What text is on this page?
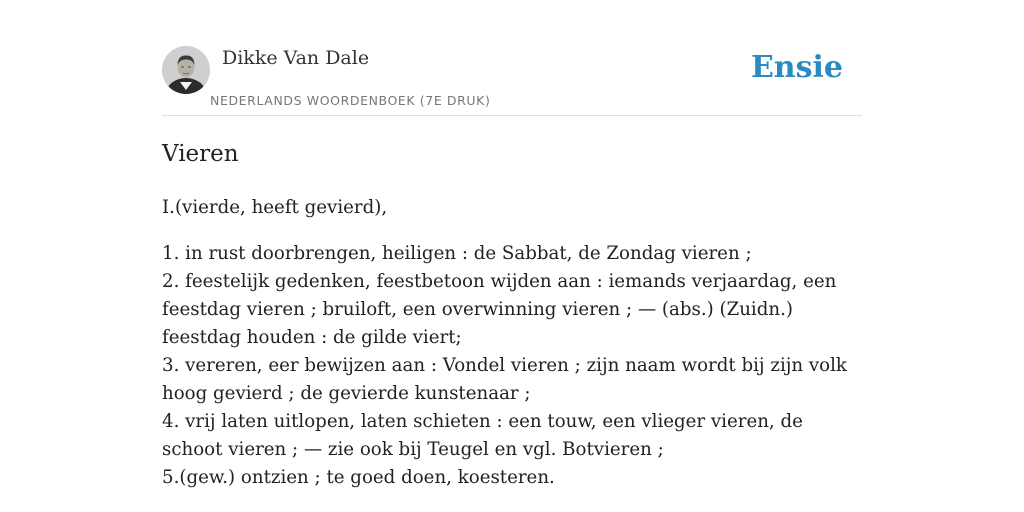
Dikke Van Dale
NEDERLANDS WOORDENBOEK (7E DRUK)
Ensie
Vieren

I.(vierde, heeft gevierd),

1. in rust doorbrengen, heiligen : de Sabbat, de Zondag vieren ;
2. feestelijk gedenken, feestbetoon wijden aan : iemands verjaardag, een feestdag vieren ; bruiloft, een overwinning vieren ; — (abs.) (Zuidn.) feestdag houden : de gilde viert;
3. vereren, eer bewijzen aan : Vondel vieren ; zijn naam wordt bij zijn volk hoog gevierd ; de gevierde kunstenaar ;
4. vrij laten uitlopen, laten schieten : een touw, een vlieger vieren, de schoot vieren ; — zie ook bij Teugel en vgl. Botvieren ;
5.(gew.) ontzien ; te goed doen, koesteren.
